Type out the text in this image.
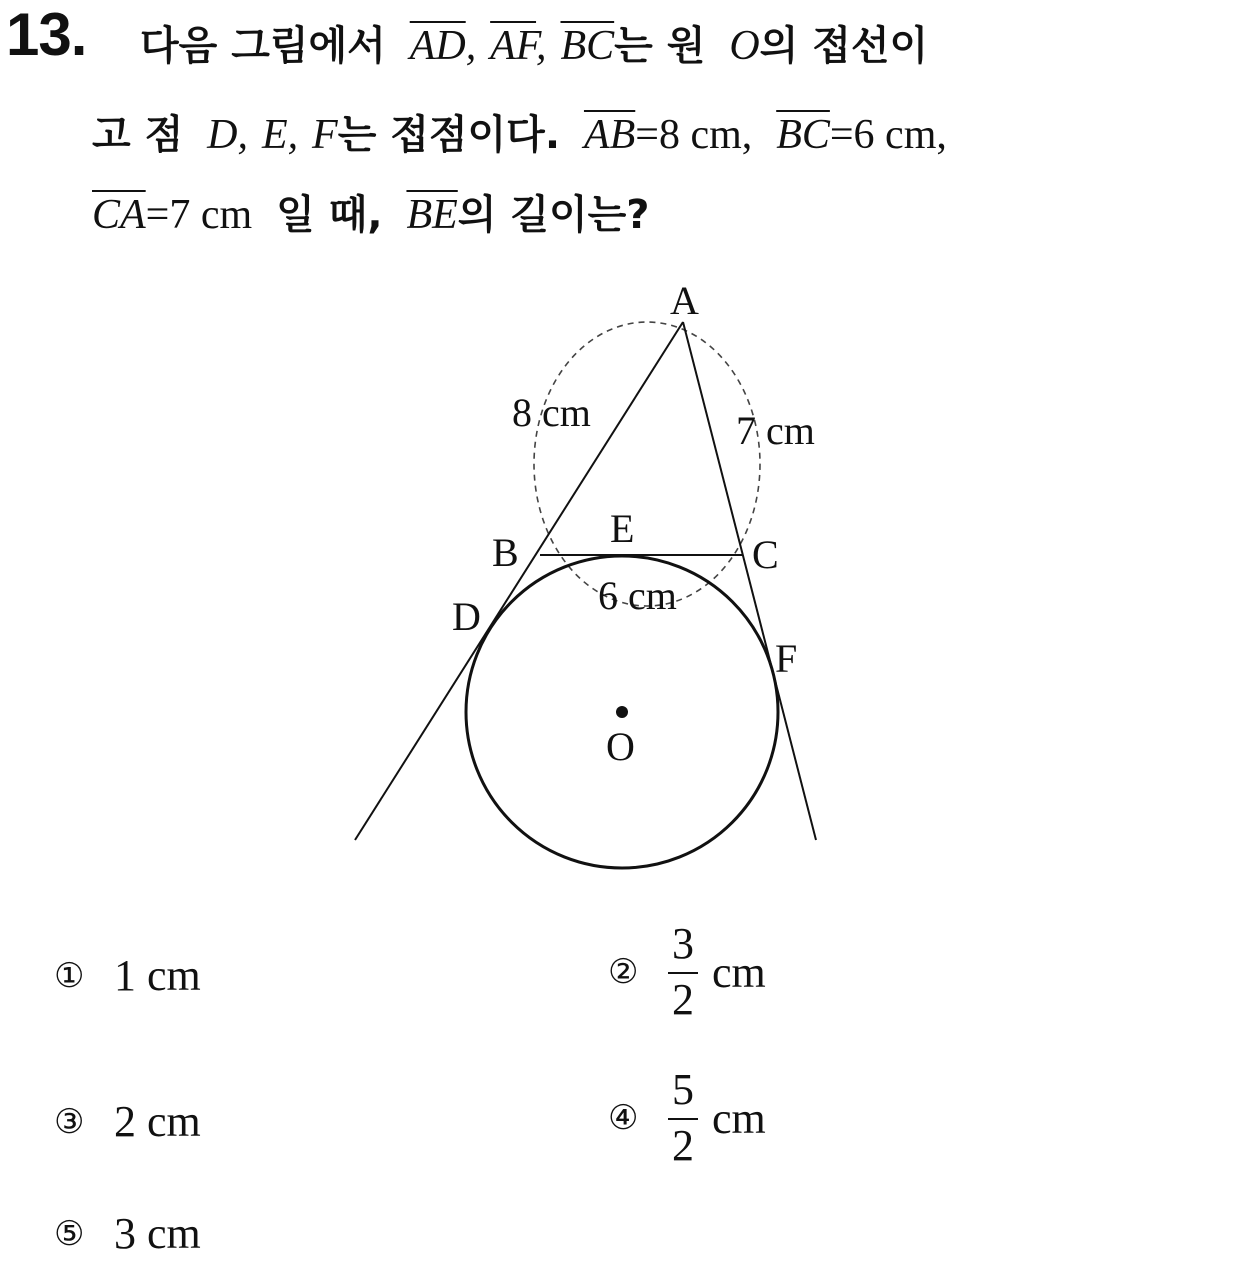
13. 다음 그림에서 $\overline{AD}$, $\overline{AF}$, $\overline{BC}$는 원 O의 접선이
고 점 D, E, F는 접점이다. $\overline{AB}=8$ cm, $\overline{BC}=6$ cm,
$\overline{CA}=7$ cm 일 때, $\overline{BE}$의 길이는?
A
B	C
D
E
F
O
8 cm	7 cm
6 cm
① 1 cm	② $\frac{3}{2}$ cm
③ 2 cm	④ $\frac{5}{2}$ cm
⑤ 3 cm
